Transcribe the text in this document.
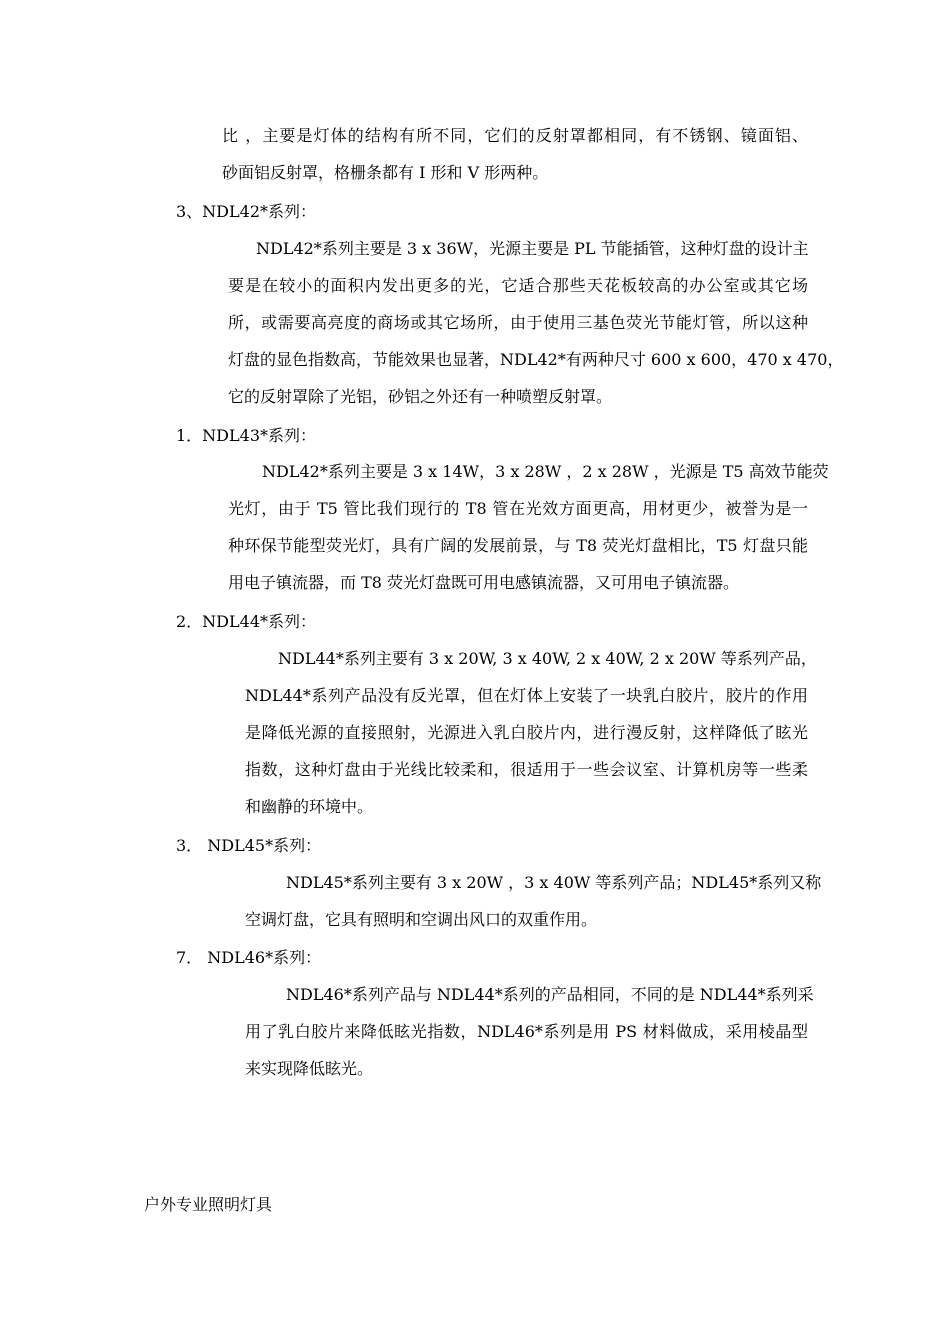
比 ，主要是灯体的结构有所不同，它们的反射罩都相同，有不锈钢、镜面铝、
砂面铝反射罩，格栅条都有 I 形和 V 形两种。
3、NDL42*系列：
NDL42*系列主要是 3 x 36W，光源主要是 PL 节能插管，这种灯盘的设计主
要是在较小的面积内发出更多的光，它适合那些天花板较高的办公室或其它场
所，或需要高亮度的商场或其它场所，由于使用三基色荧光节能灯管，所以这种
灯盘的显色指数高，节能效果也显著，NDL42*有两种尺寸 600 x 600，470 x 470，
它的反射罩除了光铝，砂铝之外还有一种喷塑反射罩。
1．NDL43*系列：
NDL42*系列主要是 3 x 14W，3 x 28W ，2 x 28W ，光源是 T5 高效节能荧
光灯，由于 T5 管比我们现行的 T8 管在光效方面更高，用材更少，被誉为是一
种环保节能型荧光灯，具有广阔的发展前景，与 T8 荧光灯盘相比，T5 灯盘只能
用电子镇流器，而 T8 荧光灯盘既可用电感镇流器，又可用电子镇流器。
2．NDL44*系列：
NDL44*系列主要有 3 x 20W, 3 x 40W, 2 x 40W, 2 x 20W 等系列产品，
NDL44*系列产品没有反光罩，但在灯体上安装了一块乳白胶片，胶片的作用
是降低光源的直接照射，光源进入乳白胶片内，进行漫反射，这样降低了眩光
指数，这种灯盘由于光线比较柔和，很适用于一些会议室、计算机房等一些柔
和幽静的环境中。
3． NDL45*系列：
NDL45*系列主要有 3 x 20W ，3 x 40W 等系列产品；NDL45*系列又称
空调灯盘，它具有照明和空调出风口的双重作用。
7． NDL46*系列：
NDL46*系列产品与 NDL44*系列的产品相同，不同的是 NDL44*系列采
用了乳白胶片来降低眩光指数，NDL46*系列是用 PS 材料做成，采用棱晶型
来实现降低眩光。
户外专业照明灯具
